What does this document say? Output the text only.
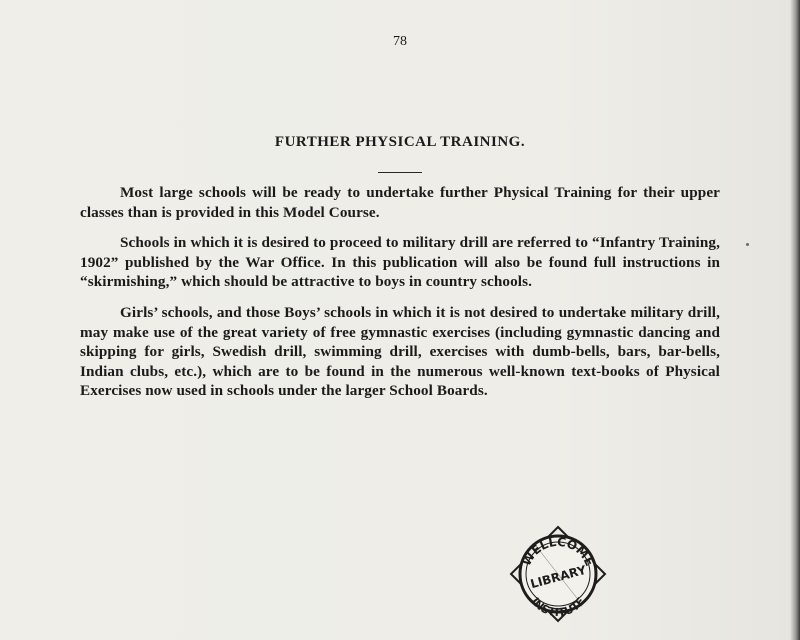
78
FURTHER PHYSICAL TRAINING.

Most large schools will be ready to undertake further Physical Training for their upper classes than is provided in this Model Course.

Schools in which it is desired to proceed to military drill are referred to “Infantry Training, 1902” published by the War Office. In this publication will also be found full instructions in “skirmishing,” which should be attractive to boys in country schools.

Girls’ schools, and those Boys’ schools in which it is not desired to undertake military drill, may make use of the great variety of free gymnastic exercises (including gymnastic dancing and skipping for girls, Swedish drill, swimming drill, exercises with dumb-bells, bars, bar-bells, Indian clubs, etc.), which are to be found in the numerous well-known text-books of Physical Exercises now used in schools under the larger School Boards.

WELLCOME
LIBRARY
INSTITUTE
